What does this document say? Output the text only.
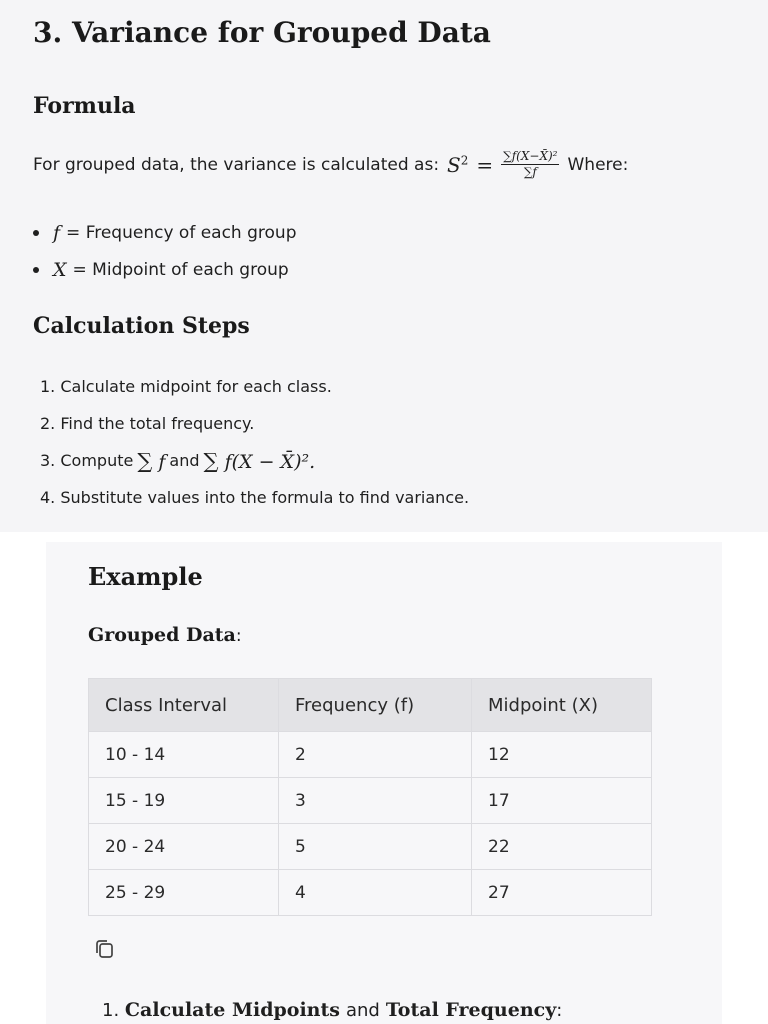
3. Variance for Grouped Data
Formula
For grouped data, the variance is calculated as: $S^2 = \frac{\text{∑f(X−X̄)²}}{\sum f}$ Where:
f = Frequency of each group
X = Midpoint of each group
Calculation Steps
1.
Calculate midpoint for each class.
2.
Find the total frequency.
3.
Compute ∑ f and ∑ f(X − X̄)².
4.
Substitute values into the formula to find variance.
Example
Grouped Data :
Class Interval	Frequency (f)	Midpoint (X)
10 - 14	2	12
15 - 19	3	17
20 - 24	5	22
25 - 29	4	27
1.
Calculate Midpoints and Total Frequency :
